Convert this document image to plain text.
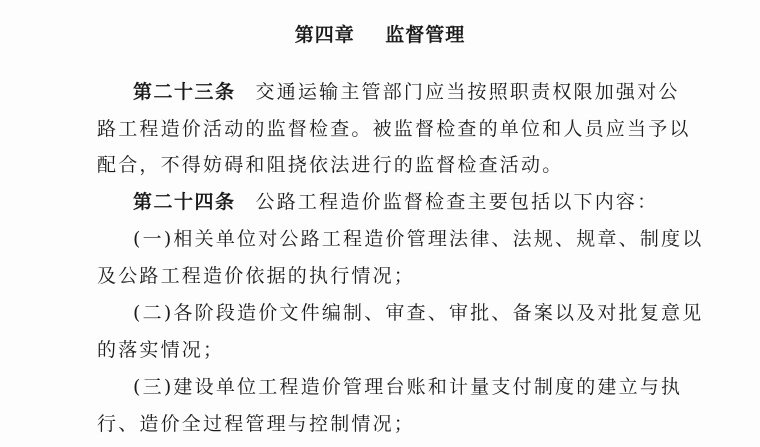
第四章    监督管理
第二十三条 交通运输主管部门应当按照职责权限加强对公
路工程造价活动的监督检查。被监督检查的单位和人员应当予以
配合，不得妨碍和阻挠依法进行的监督检查活动。
第二十四条 公路工程造价监督检查主要包括以下内容：
(一)相关单位对公路工程造价管理法律、法规、规章、制度以
及公路工程造价依据的执行情况；
(二)各阶段造价文件编制、审查、审批、备案以及对批复意见
的落实情况；
(三)建设单位工程造价管理台账和计量支付制度的建立与执
行、造价全过程管理与控制情况；
